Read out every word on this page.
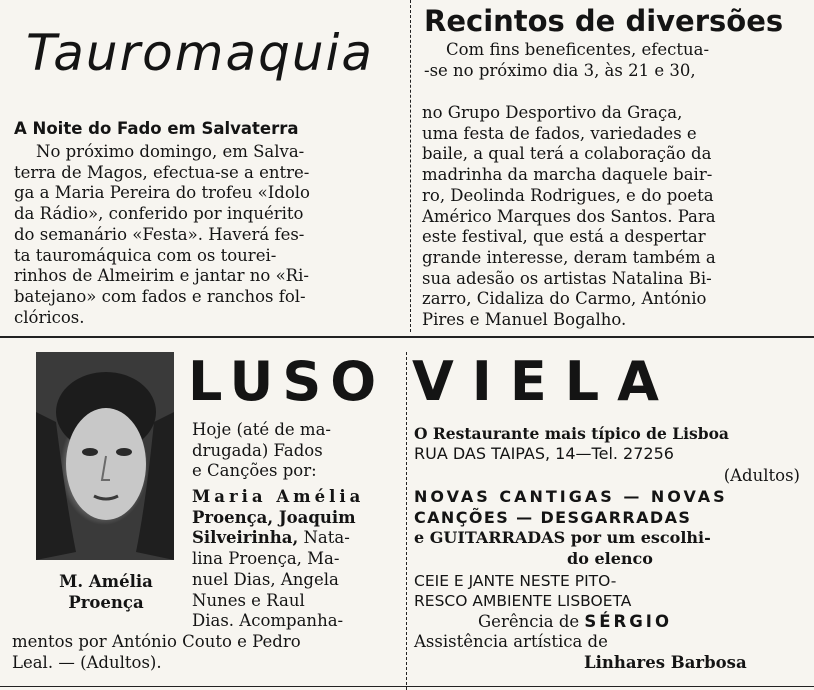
Tauromaquia
A Noite do Fado em Salvaterra
No próximo domingo, em Salva-
terra de Magos, efectua-se a entre-
ga a Maria Pereira do trofeu «Idolo
da Rádio», conferido por inquérito
do semanário «Festa». Haverá fes-
ta tauromáquica com os tourei-
rinhos de Almeirim e jantar no «Ri-
batejano» com fados e ranchos fol-
clóricos.
Recintos de diversões
Com fins beneficentes, efectua-
-se no próximo dia 3, às 21 e 30,
no Grupo Desportivo da Graça,
uma festa de fados, variedades e
baile, a qual terá a colaboração da
madrinha da marcha daquele bair-
ro, Deolinda Rodrigues, e do poeta
Américo Marques dos Santos. Para
este festival, que está a despertar
grande interesse, deram também a
sua adesão os artistas Natalina Bi-
zarro, Cidaliza do Carmo, António
Pires e Manuel Bogalho.
M. Amélia
Proença
LUSO
Hoje (até de ma-
drugada) Fados
e Canções por:
Maria Amélia
Proença, Joaquim
Silveirinha, Nata-
lina Proença, Ma-
nuel Dias, Angela
Nunes e Raul
Dias. Acompanha-
mentos por António Couto e Pedro
Leal. — (Adultos).
VIELA
O Restaurante mais típico de Lisboa
RUA DAS TAIPAS, 14—Tel. 27256
(Adultos)
NOVAS CANTIGAS — NOVAS
CANÇÕES — DESGARRADAS
e GUITARRADAS por um escolhi-
do elenco
CEIE E JANTE NESTE PITO-
RESCO AMBIENTE LISBOETA
Gerência de SÉRGIO
Assistência artística de
Linhares Barbosa
